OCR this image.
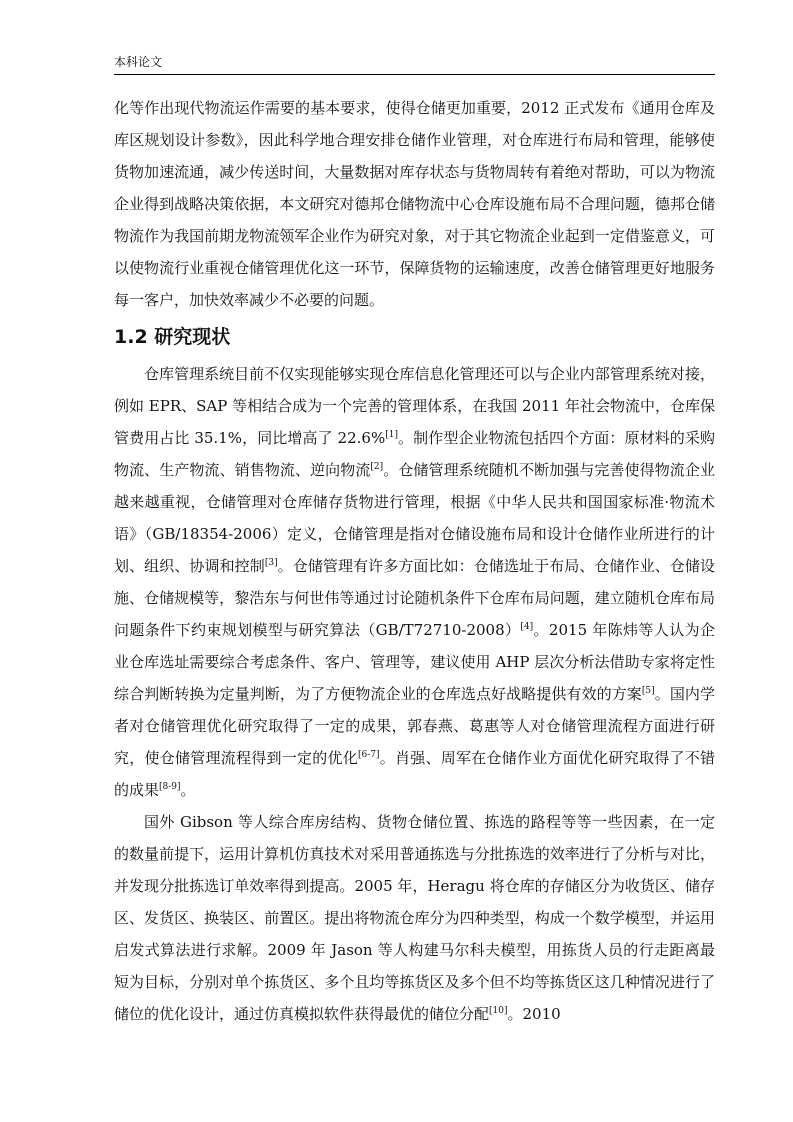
本科论文

化等作出现代物流运作需要的基本要求，使得仓储更加重要，2012 正式发布《通用仓库及库区规划设计参数》，因此科学地合理安排仓储作业管理，对仓库进行布局和管理，能够使货物加速流通，减少传送时间，大量数据对库存状态与货物周转有着绝对帮助，可以为物流企业得到战略决策依据，本文研究对德邦仓储物流中心仓库设施布局不合理问题，德邦仓储物流作为我国前期龙物流领军企业作为研究对象，对于其它物流企业起到一定借鉴意义，可以使物流行业重视仓储管理优化这一环节，保障货物的运输速度，改善仓储管理更好地服务每一客户，加快效率减少不必要的问题。

1.2 研究现状

仓库管理系统目前不仅实现能够实现仓库信息化管理还可以与企业内部管理系统对接，例如 EPR、SAP 等相结合成为一个完善的管理体系，在我国 2011 年社会物流中，仓库保管费用占比 35.1%，同比增高了 22.6%[1]。制作型企业物流包括四个方面：原材料的采购物流、生产物流、销售物流、逆向物流[2]。仓储管理系统随机不断加强与完善使得物流企业越来越重视，仓储管理对仓库储存货物进行管理，根据《中华人民共和国国家标准·物流术语》（GB/18354-2006）定义，仓储管理是指对仓储设施布局和设计仓储作业所进行的计划、组织、协调和控制[3]。仓储管理有许多方面比如：仓储选址于布局、仓储作业、仓储设施、仓储规模等，黎浩东与何世伟等通过讨论随机条件下仓库布局问题，建立随机仓库布局问题条件下约束规划模型与研究算法（GB/T72710-2008）[4]。2015 年陈炜等人认为企业仓库选址需要综合考虑条件、客户、管理等，建议使用 AHP 层次分析法借助专家将定性综合判断转换为定量判断，为了方便物流企业的仓库选点好战略提供有效的方案[5]。国内学者对仓储管理优化研究取得了一定的成果，郭春燕、葛惠等人对仓储管理流程方面进行研究，使仓储管理流程得到一定的优化[6-7]。肖强、周军在仓储作业方面优化研究取得了不错的成果[8-9]。

国外 Gibson 等人综合库房结构、货物仓储位置、拣选的路程等等一些因素，在一定的数量前提下，运用计算机仿真技术对采用普通拣选与分批拣选的效率进行了分析与对比，并发现分批拣选订单效率得到提高。2005 年，Heragu 将仓库的存储区分为收货区、储存区、发货区、换装区、前置区。提出将物流仓库分为四种类型，构成一个数学模型，并运用启发式算法进行求解。2009 年 Jason 等人构建马尔科夫模型，用拣货人员的行走距离最短为目标，分别对单个拣货区、多个且均等拣货区及多个但不均等拣货区这几种情况进行了储位的优化设计，通过仿真模拟软件获得最优的储位分配[10]。2010
